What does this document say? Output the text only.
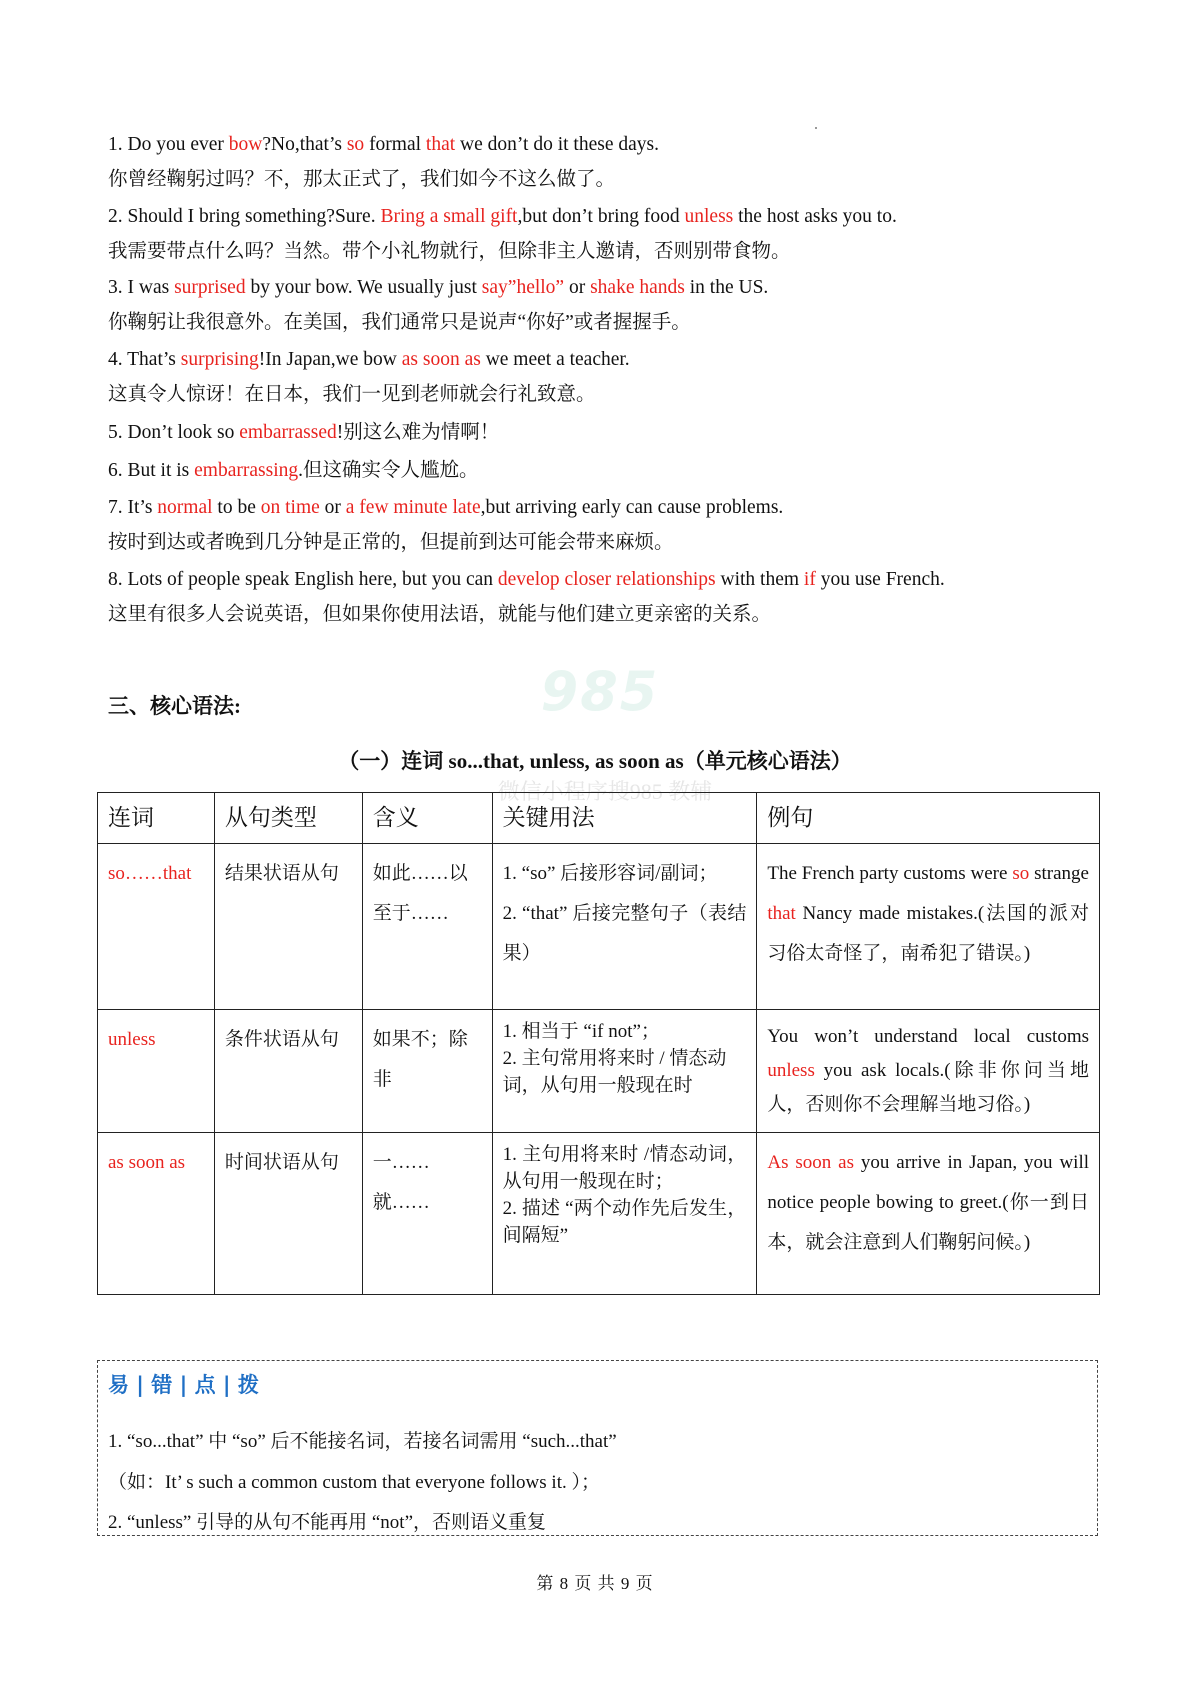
985
微信小程序搜985 教辅
1. Do you ever bow?No,that’s so formal that we don’t do it these days.
你曾经鞠躬过吗？不，那太正式了，我们如今不这么做了。
2. Should I bring something?Sure. Bring a small gift,but don’t bring food unless the host asks you to.
我需要带点什么吗？当然。带个小礼物就行，但除非主人邀请，否则别带食物。
3. I was surprised by your bow. We usually just say”hello” or shake hands in the US.
你鞠躬让我很意外。在美国，我们通常只是说声“你好”或者握握手。
4. That’s surprising!In Japan,we bow as soon as we meet a teacher.
这真令人惊讶！在日本，我们一见到老师就会行礼致意。
5. Don’t look so embarrassed!别这么难为情啊！
6. But it is embarrassing.但这确实令人尴尬。
7. It’s normal to be on time or a few minute late,but arriving early can cause problems.
按时到达或者晚到几分钟是正常的，但提前到达可能会带来麻烦。
8. Lots of people speak English here, but you can develop closer relationships with them if you use French.
这里有很多人会说英语，但如果你使用法语，就能与他们建立更亲密的关系。
三、核心语法:
（一）连词 so...that, unless, as soon as（单元核心语法）
连词	从句类型	含义	关键用法	例句
so……that	结果状语从句	如此……以至于……	1. “so” 后接形容词/副词；
2. “that” 后接完整句子（表结果）	The French party customs were so strange that Nancy made mistakes.(法国的派对习俗太奇怪了，南希犯了错误。)
unless	条件状语从句	如果不；除非	1. 相当于 “if not”；
2. 主句常用将来时 / 情态动词，从句用一般现在时	You won’t understand local customs unless you ask locals.(除非你问当地人，否则你不会理解当地习俗。)
as soon as	时间状语从句	一……就……	1. 主句用将来时 /情态动词，从句用一般现在时；
2. 描述 “两个动作先后发生，间隔短”	As soon as you arrive in Japan, you will notice people bowing to greet.(你一到日本，就会注意到人们鞠躬问候。)
易 | 错 | 点 | 拨
1. “so...that” 中 “so” 后不能接名词，若接名词需用 “such...that”
（如：It’ s such a common custom that everyone follows it. ）；
2. “unless” 引导的从句不能再用 “not”，否则语义重复
第 8 页 共 9 页
